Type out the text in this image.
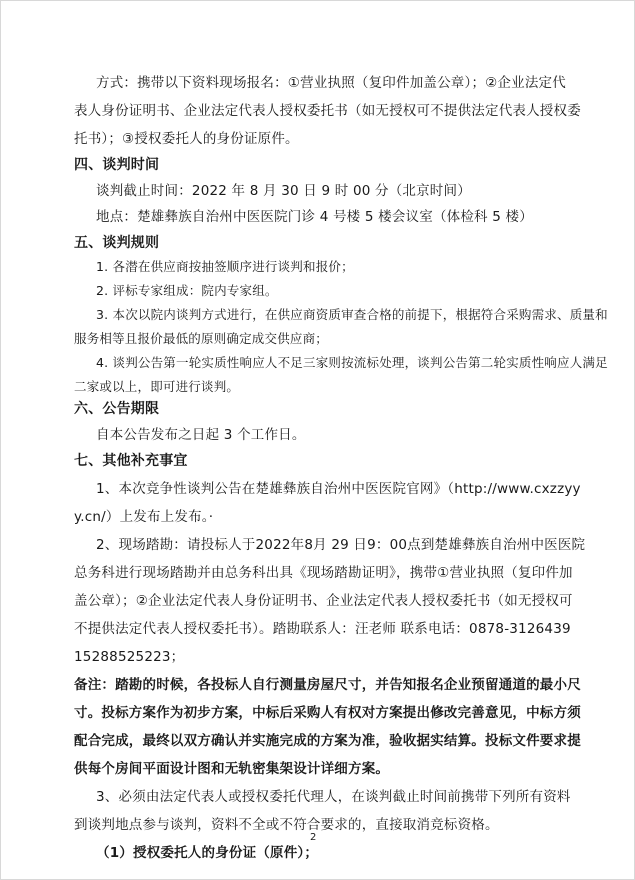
方式：携带以下资料现场报名：①营业执照（复印件加盖公章）；②企业法定代
表人身份证明书、企业法定代表人授权委托书（如无授权可不提供法定代表人授权委
托书）；③授权委托人的身份证原件。
四、谈判时间
谈判截止时间：2022 年 8 月 30 日 9 时 00 分（北京时间）
地点：楚雄彝族自治州中医医院门诊 4 号楼 5 楼会议室（体检科 5 楼）
五、谈判规则
1. 各潜在供应商按抽签顺序进行谈判和报价；
2. 评标专家组成：院内专家组。
3. 本次以院内谈判方式进行，在供应商资质审查合格的前提下，根据符合采购需求、质量和
服务相等且报价最低的原则确定成交供应商；
4. 谈判公告第一轮实质性响应人不足三家则按流标处理，谈判公告第二轮实质性响应人满足
二家或以上，即可进行谈判。
六、公告期限
自本公告发布之日起 3 个工作日。
七、其他补充事宜
1、本次竞争性谈判公告在楚雄彝族自治州中医医院官网》（http://www.cxzzyy
y.cn/）上发布上发布。·
2、现场踏勘：请投标人于2022年8月 29 日9：00点到楚雄彝族自治州中医医院
总务科进行现场踏勘并由总务科出具《现场踏勘证明》，携带①营业执照（复印件加
盖公章）；②企业法定代表人身份证明书、企业法定代表人授权委托书（如无授权可
不提供法定代表人授权委托书）。踏勘联系人：汪老师 联系电话：0878-3126439
15288525223；
备注：踏勘的时候，各投标人自行测量房屋尺寸，并告知报名企业预留通道的最小尺
寸。投标方案作为初步方案，中标后采购人有权对方案提出修改完善意见，中标方须
配合完成，最终以双方确认并实施完成的方案为准，验收据实结算。投标文件要求提
供每个房间平面设计图和无轨密集架设计详细方案。
3、必须由法定代表人或授权委托代理人，在谈判截止时间前携带下列所有资料
到谈判地点参与谈判，资料不全或不符合要求的，直接取消竞标资格。
（1）授权委托人的身份证（原件）；
2
